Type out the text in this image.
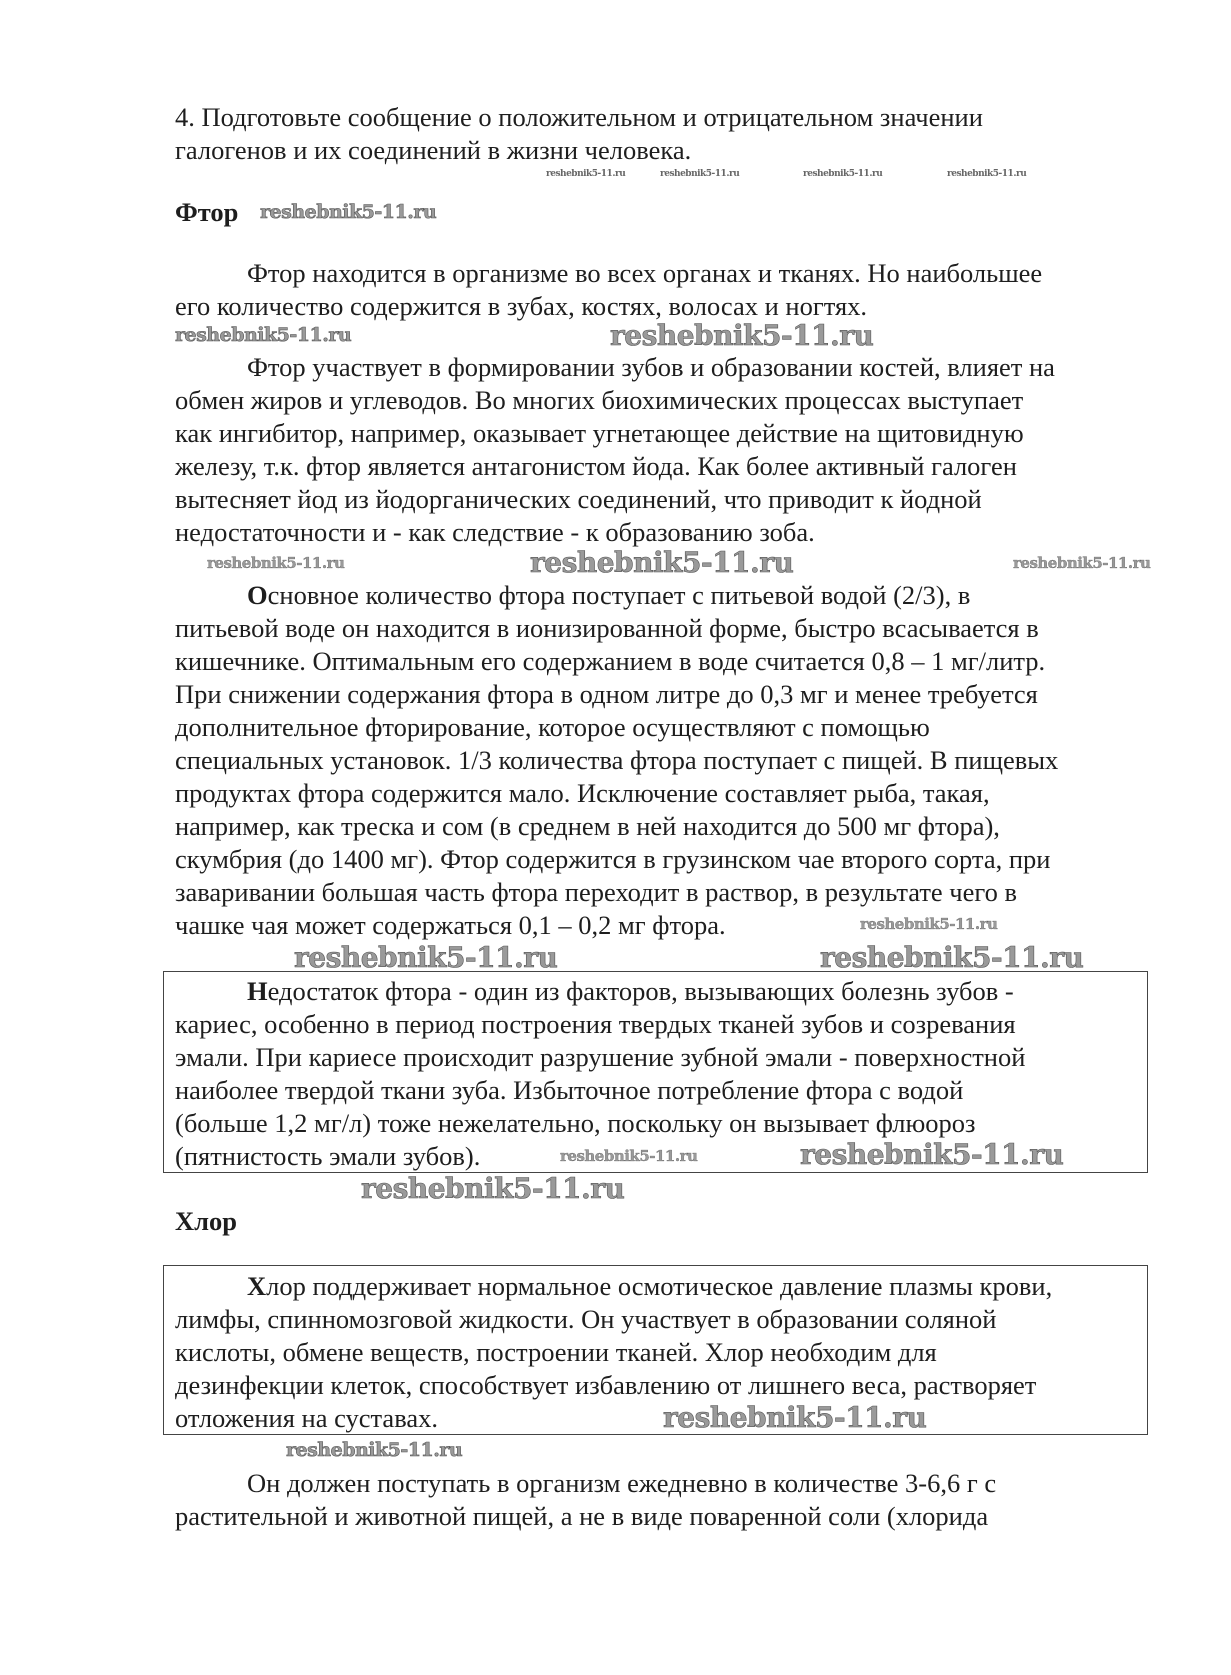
4. Подготовьте сообщение о положительном и отрицательном значении
галогенов и их соединений в жизни человека.
reshebnik5-11.ru	reshebnik5-11.ru	reshebnik5-11.ru	reshebnik5-11.ru
reshebnik5-11.ru
Фтор
Фтор находится в организме во всех органах и тканях. Но наибольшее
его количество содержится в зубах, костях, волосах и ногтях.
reshebnik5-11.ru	reshebnik5-11.ru
Фтор участвует в формировании зубов и образовании костей, влияет на
обмен жиров и углеводов. Во многих биохимических процессах выступает
как ингибитор, например, оказывает угнетающее действие на щитовидную
железу, т.к. фтор является антагонистом йода. Как более активный галоген
вытесняет йод из йодорганических соединений, что приводит к йодной
недостаточности и - как следствие - к образованию зоба.
reshebnik5-11.ru
reshebnik5-11.ru	reshebnik5-11.ru
Основное количество фтора поступает с питьевой водой (2/3), в
питьевой воде он находится в ионизированной форме, быстро всасывается в
кишечнике. Оптимальным его содержанием в воде считается 0,8 – 1 мг/литр.
При снижении содержания фтора в одном литре до 0,3 мг и менее требуется
дополнительное фторирование, которое осуществляют с помощью
специальных установок. 1/3 количества фтора поступает с пищей. В пищевых
продуктах фтора содержится мало. Исключение составляет рыба, такая,
например, как треска и сом (в среднем в ней находится до 500 мг фтора),
скумбрия (до 1400 мг). Фтор содержится в грузинском чае второго сорта, при
заваривании большая часть фтора переходит в раствор, в результате чего в
чашке чая может содержаться 0,1 – 0,2 мг фтора.	reshebnik5-11.ru
reshebnik5-11.ru
reshebnik5-11.ru
reshebnik5-11.ru
Недостаток фтора - один из факторов, вызывающих болезнь зубов -
кариес, особенно в период построения твердых тканей зубов и созревания
эмали. При кариесе происходит разрушение зубной эмали - поверхностной
наиболее твердой ткани зуба. Избыточное потребление фтора с водой
(больше 1,2 мг/л) тоже нежелательно, поскольку он вызывает флюороз
(пятнистость эмали зубов).	reshebnik5-11.ru
reshebnik5-11.ru
Хлор
Хлор поддерживает нормальное осмотическое давление плазмы крови,
лимфы, спинномозговой жидкости. Он участвует в образовании соляной
кислоты, обмене веществ, построении тканей. Хлор необходим для
дезинфекции клеток, способствует избавлению от лишнего веса, растворяет
отложения на суставах.	reshebnik5-11.ru
reshebnik5-11.ru
Он должен поступать в организм ежедневно в количестве 3-6,6 г с
растительной и животной пищей, а не в виде поваренной соли (хлорида
